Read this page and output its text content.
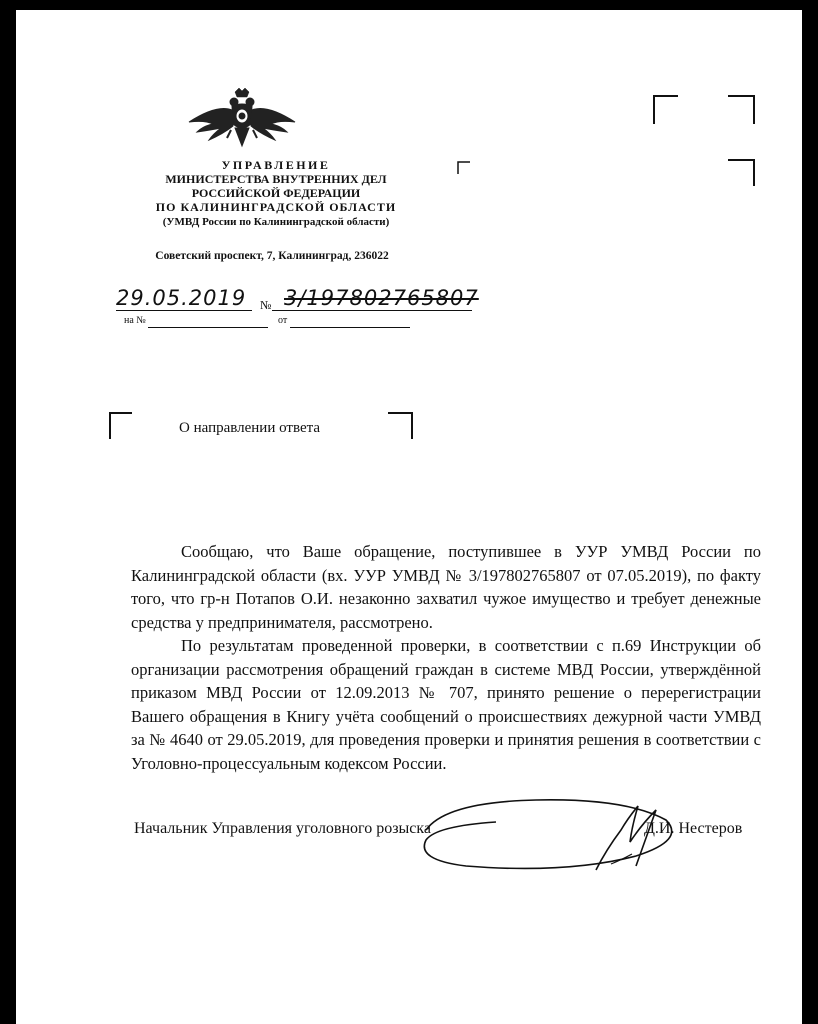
УПРАВЛЕНИЕ
МИНИСТЕРСТВА ВНУТРЕННИХ ДЕЛ
РОССИЙСКОЙ ФЕДЕРАЦИИ
ПО КАЛИНИНГРАДСКОЙ ОБЛАСТИ
(УМВД России по Калининградской области)
Советский проспект, 7, Калининград, 236022
29.05.2019 № 3/197802765807
на №	от
О направлении ответа

Сообщаю, что Ваше обращение, поступившее в УУР УМВД России по Калининградской области (вх. УУР УМВД № 3/197802765807 от 07.05.2019), по факту того, что гр-н Потапов О.И. незаконно захватил чужое имущество и требует денежные средства у предпринимателя, рассмотрено.

По результатам проведенной проверки, в соответствии с п.69 Инструкции об организации рассмотрения обращений граждан в системе МВД России, утверждённой приказом МВД России от 12.09.2013 № 707, принято решение о перерегистрации Вашего обращения в Книгу учёта сообщений о происшествиях дежурной части УМВД за № 4640 от 29.05.2019, для проведения проверки и принятия решения в соответствии с Уголовно-процессуальным кодексом России.

Начальник Управления уголовного розыска	Д.И. Нестеров
